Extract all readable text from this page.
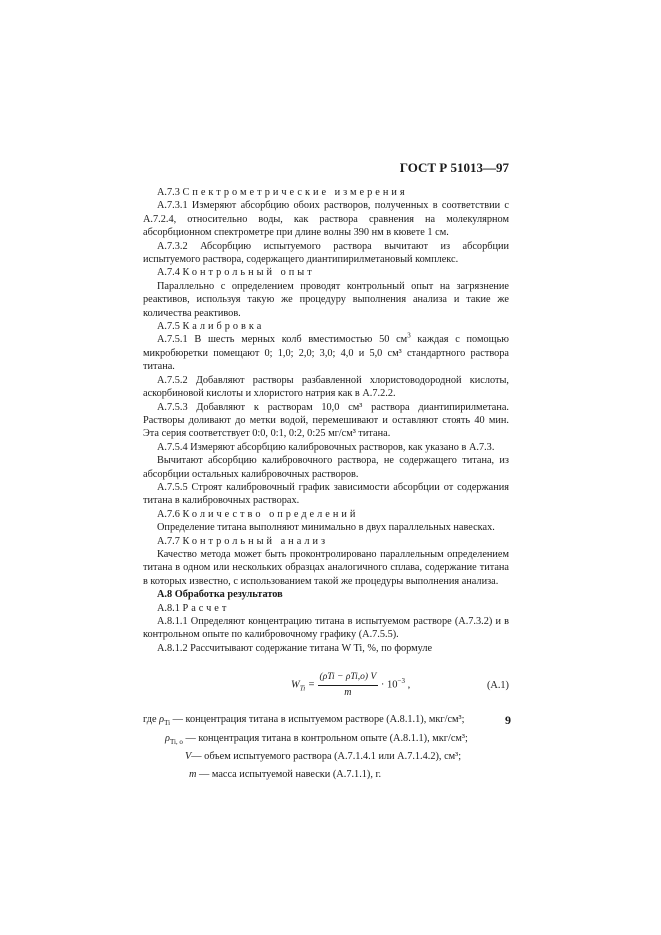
ГОСТ Р 51013—97

А.7.3 Спектрометрические измерения

А.7.3.1 Измеряют абсорбцию обоих растворов, полученных в соответствии с А.7.2.4, относительно воды, как раствора сравнения на молекулярном абсорбционном спектрометре при длине волны 390 нм в кювете 1 см.

А.7.3.2 Абсорбцию испытуемого раствора вычитают из абсорбции испытуемого раствора, содержащего диантипирилметановый комплекс.

А.7.4 Контрольный опыт

Параллельно с определением проводят контрольный опыт на загрязнение реактивов, используя такую же процедуру выполнения анализа и такие же количества реактивов.

А.7.5 Калибровка

А.7.5.1 В шесть мерных колб вместимостью 50 $см^3$ каждая с помощью микробюретки помещают 0; 1,0; 2,0; 3,0; 4,0 и 5,0 см³ стандартного раствора титана.

А.7.5.2 Добавляют растворы разбавленной хлористоводородной кислоты, аскорбиновой кислоты и хлористого натрия как в А.7.2.2.

А.7.5.3 Добавляют к растворам 10,0 см³ раствора диантипирилметана. Растворы доливают до метки водой, перемешивают и оставляют стоять 40 мин. Эта серия соответствует 0:0, 0:1, 0:2, 0:25 мг/см³ титана.

А.7.5.4 Измеряют абсорбцию калибровочных растворов, как указано в А.7.3.

Вычитают абсорбцию калибровочного раствора, не содержащего титана, из абсорбции остальных калибровочных растворов.

А.7.5.5 Строят калибровочный график зависимости абсорбции от содержания титана в калибровочных растворах.

А.7.6 Количество определений

Определение титана выполняют минимально в двух параллельных навесках.

А.7.7 Контрольный анализ

Качество метода может быть проконтролировано параллельным определением титана в одном или нескольких образцах аналогичного сплава, содержание титана в которых известно, с использованием такой же процедуры выполнения анализа.

А.8 Обработка результатов

А.8.1 Расчет

А.8.1.1 Определяют концентрацию титана в испытуемом растворе (А.7.3.2) и в контрольном опыте по калибровочному графику (А.7.5.5).

А.8.1.2 Рассчитывают содержание титана W Ti, %, по формуле

$W_{Ti} = \frac{\text{(ρTi − ρTi,o) V}}{m} \cdot 10^{-3}$ ,	(A.1)
где $\rho_{Ti}$ — концентрация титана в испытуемом растворе (А.8.1.1), мкг/см³;
$\rho_{Ti, o}$ — концентрация титана в контрольном опыте (А.8.1.1), мкг/см³;
V— объем испытуемого раствора (А.7.1.4.1 или А.7.1.4.2), см³;
m — масса испытуемой навески (А.7.1.1), г.
9
